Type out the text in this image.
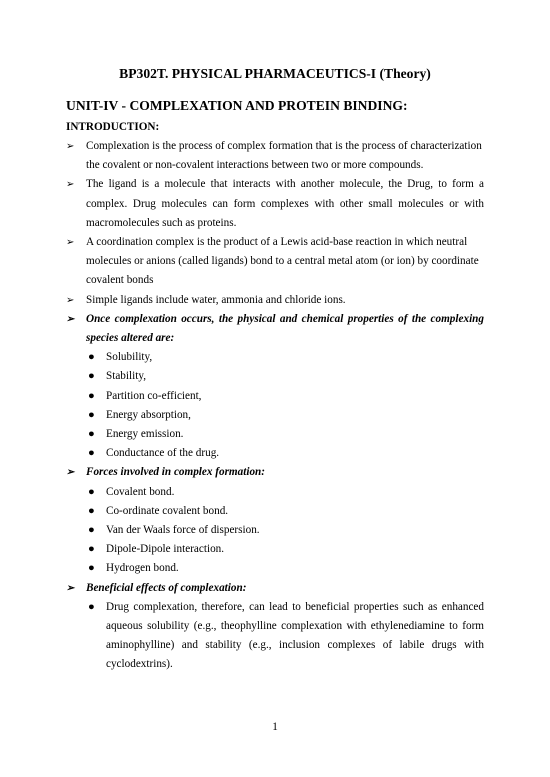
BP302T. PHYSICAL PHARMACEUTICS-I (Theory)
UNIT-IV - COMPLEXATION AND PROTEIN BINDING:
INTRODUCTION:
➢	Complexation is the process of complex formation that is the process of characterization the covalent or non-covalent interactions between two or more compounds.
➢	The ligand is a molecule that interacts with another molecule, the Drug, to form a complex. Drug molecules can form complexes with other small molecules or with macromolecules such as proteins.
➢	A coordination complex is the product of a Lewis acid-base reaction in which neutral molecules or anions (called ligands) bond to a central metal atom (or ion) by coordinate covalent bonds
➢	Simple ligands include water, ammonia and chloride ions.
➢	Once complexation occurs, the physical and chemical properties of the complexing species altered are:
● Solubility,
● Stability,
● Partition co-efficient,
● Energy absorption,
● Energy emission.
● Conductance of the drug.
➢	Forces involved in complex formation:
● Covalent bond.
● Co-ordinate covalent bond.
● Van der Waals force of dispersion.
● Dipole-Dipole interaction.
● Hydrogen bond.
➢	Beneficial effects of complexation:
● Drug complexation, therefore, can lead to beneficial properties such as enhanced aqueous solubility (e.g., theophylline complexation with ethylenediamine to form aminophylline) and stability (e.g., inclusion complexes of labile drugs with cyclodextrins).
1
